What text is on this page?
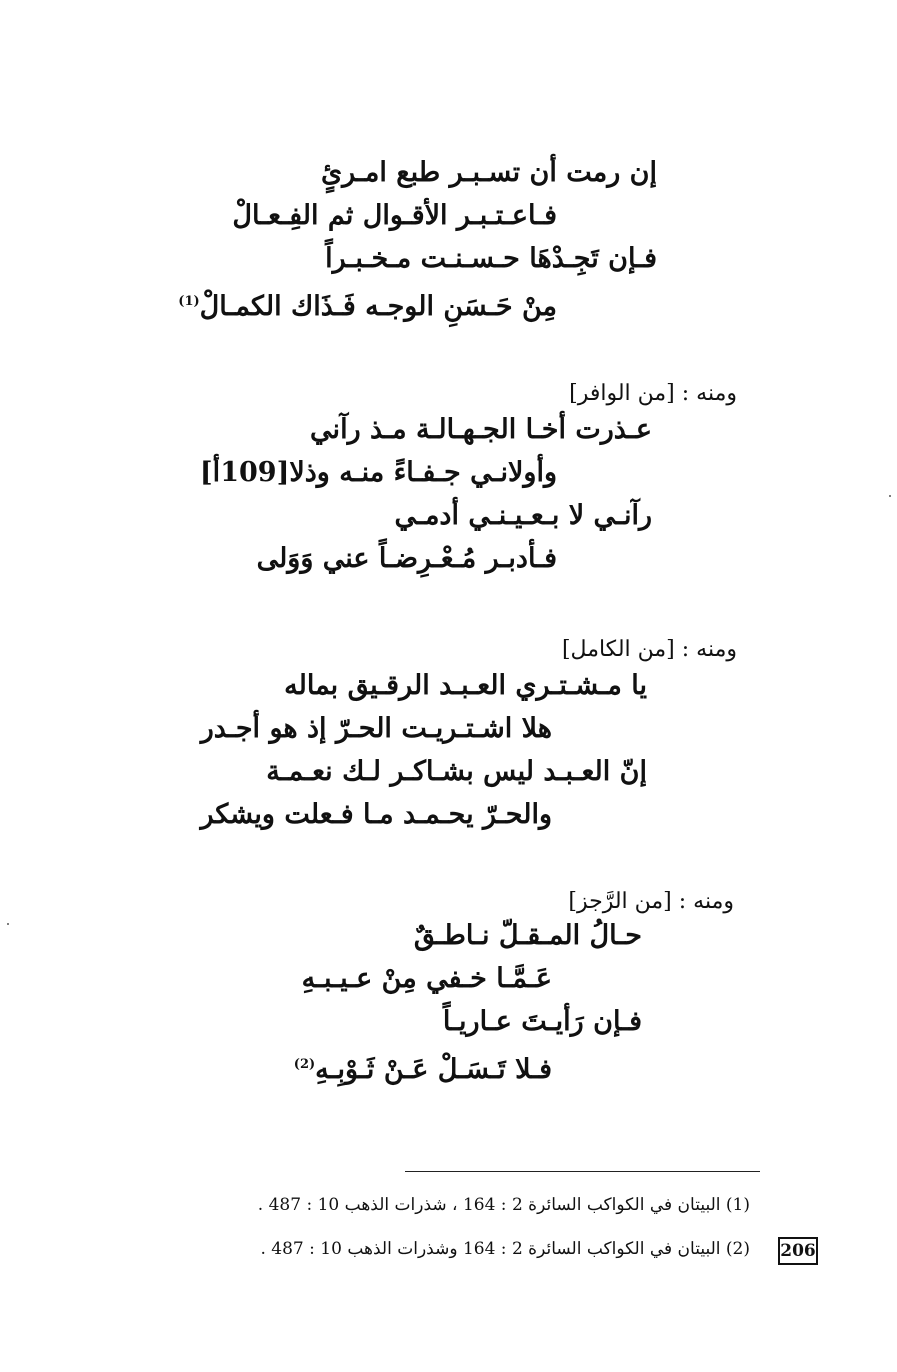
إن رمت أن تسـبـر طبع امـرئٍ
فـاعـتـبـر الأقـوال ثم الفِـعـالْ
فـإن تَجِـدْهَا حـسـنـت مـخـبـراً
مِنْ حَـسَنِ الوجـه فَـذَاك الكمـالْ$^{(1)}$
ومنه : [من الوافر]
عـذرت أخـا الجـهـالـة مـذ رآني
وأولانـي جـفـاءً منـه وذلا[109أ]
رآنـي لا بـعـيـنـي أدمـي
فـأدبـر مُـعْـرِضـاً عني وَوَلى
ومنه : [من الكامل]
يا مـشـتـري العـبـد الرقـيق بماله
هلا اشـتـريـت الحـرّ إذ هو أجـدر
إنّ العـبـد ليس بشـاكـر لـك نعـمـة
والحـرّ يحـمـد مـا فـعلت ويشكر
ومنه : [من الرَّجز]
حـالُ المـقـلّ نـاطـقٌ
عَـمَّـا خـفي مِنْ عـيـبـهِ
فـإن رَأيـتَ عـاريـاً
فـلا تَـسَـلْ عَـنْ ثَـوْبِـهِ$^{(2)}$
(1) البيتان في الكواكب السائرة 2 : 164 ، شذرات الذهب 10 : 487 .
(2) البيتان في الكواكب السائرة 2 : 164 وشذرات الذهب 10 : 487 . 206
